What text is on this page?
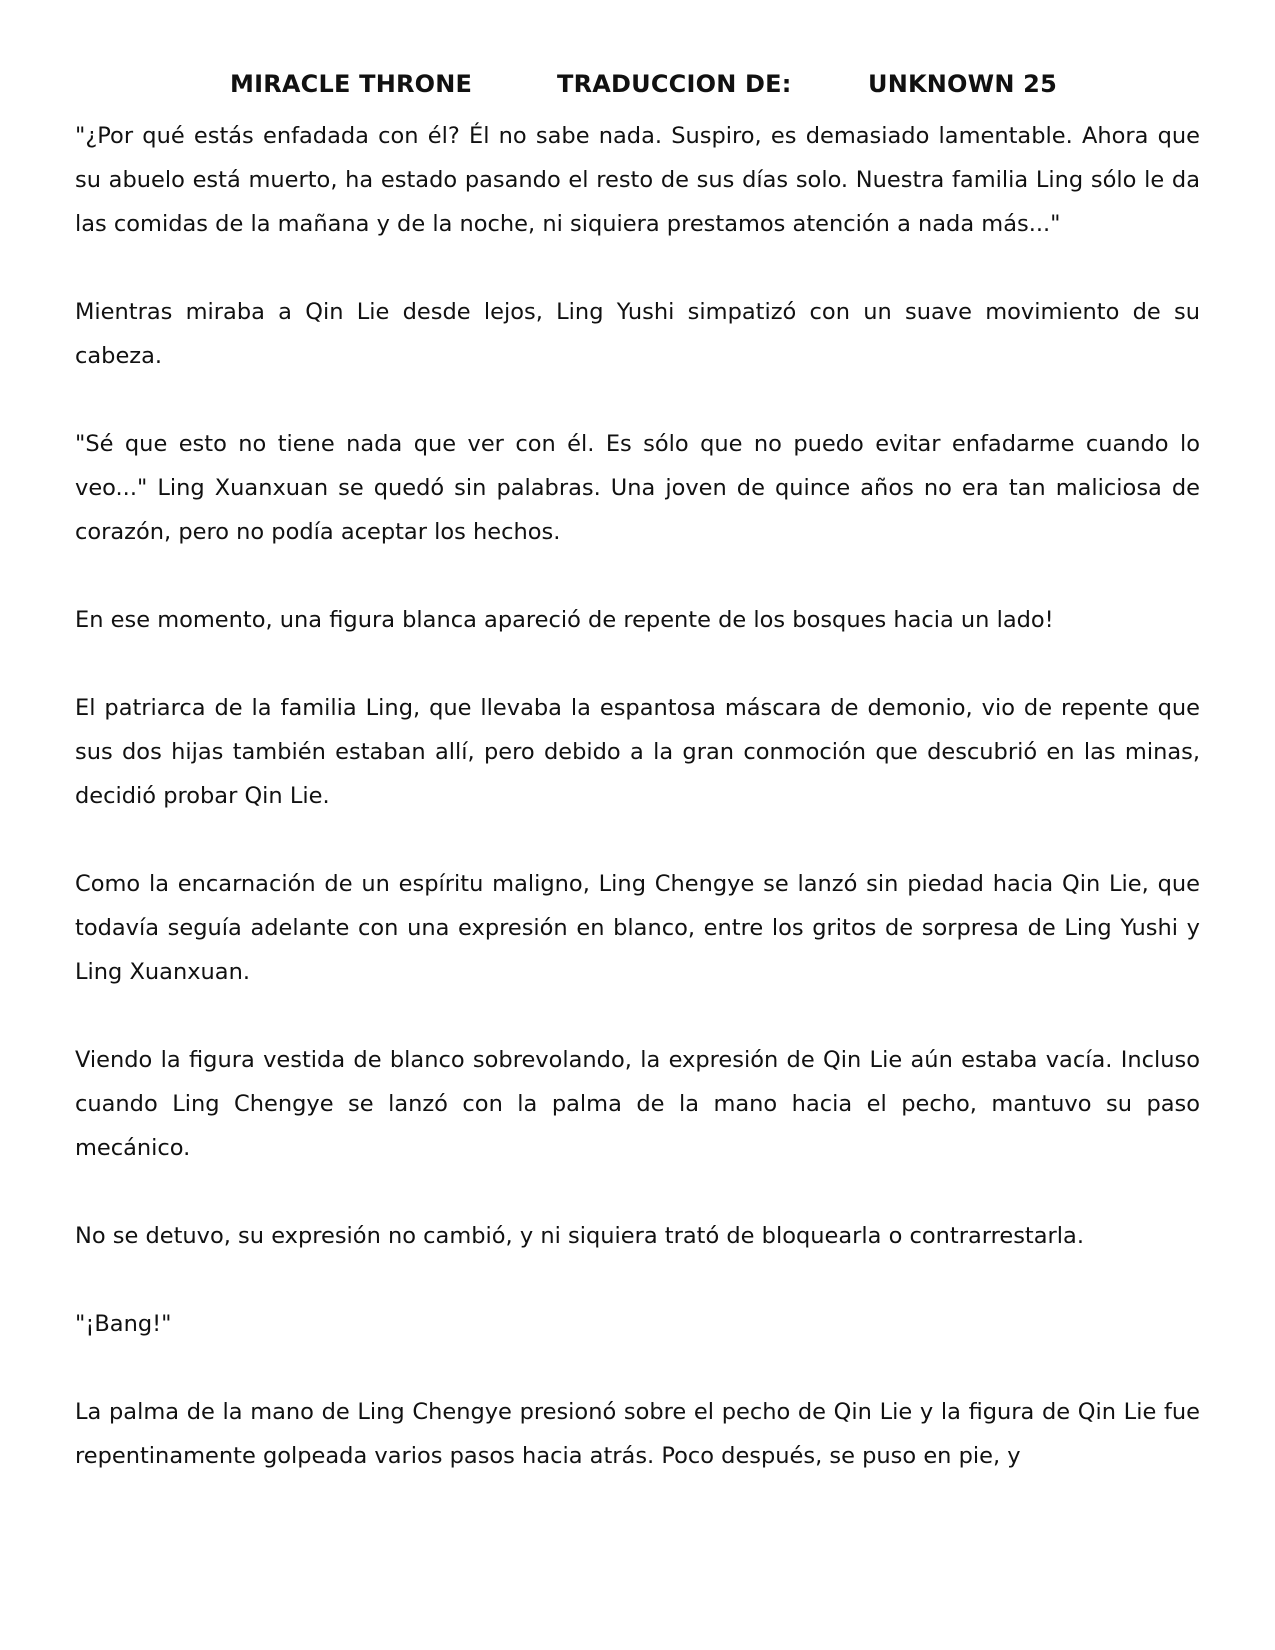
MIRACLE THRONE	TRADUCCION DE:	UNKNOWN 25

"¿Por qué estás enfadada con él? Él no sabe nada. Suspiro, es demasiado lamentable. Ahora que su abuelo está muerto, ha estado pasando el resto de sus días solo. Nuestra familia Ling sólo le da las comidas de la mañana y de la noche, ni siquiera prestamos atención a nada más..."

Mientras miraba a Qin Lie desde lejos, Ling Yushi simpatizó con un suave movimiento de su cabeza.

"Sé que esto no tiene nada que ver con él. Es sólo que no puedo evitar enfadarme cuando lo veo..." Ling Xuanxuan se quedó sin palabras. Una joven de quince años no era tan maliciosa de corazón, pero no podía aceptar los hechos.

En ese momento, una figura blanca apareció de repente de los bosques hacia un lado!

El patriarca de la familia Ling, que llevaba la espantosa máscara de demonio, vio de repente que sus dos hijas también estaban allí, pero debido a la gran conmoción que descubrió en las minas, decidió probar Qin Lie.

Como la encarnación de un espíritu maligno, Ling Chengye se lanzó sin piedad hacia Qin Lie, que todavía seguía adelante con una expresión en blanco, entre los gritos de sorpresa de Ling Yushi y Ling Xuanxuan.

Viendo la figura vestida de blanco sobrevolando, la expresión de Qin Lie aún estaba vacía. Incluso cuando Ling Chengye se lanzó con la palma de la mano hacia el pecho, mantuvo su paso mecánico.

No se detuvo, su expresión no cambió, y ni siquiera trató de bloquearla o contrarrestarla.

"¡Bang!"

La palma de la mano de Ling Chengye presionó sobre el pecho de Qin Lie y la figura de Qin Lie fue repentinamente golpeada varios pasos hacia atrás. Poco después, se puso en pie, y
